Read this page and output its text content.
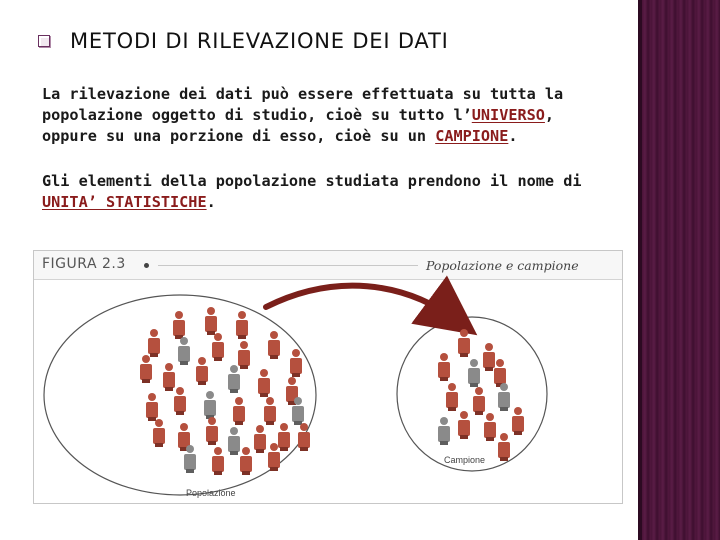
METODI DI RILEVAZIONE DEI DATI
La rilevazione dei dati può essere effettuata su tutta la popolazione oggetto di studio, cioè su tutto l’UNIVERSO, oppure su una porzione di esso, cioè su un CAMPIONE.
Gli elementi della popolazione studiata prendono il nome di UNITA’ STATISTICHE.
FIGURA 2.3	Popolazione e campione
Popolazione
Campione
